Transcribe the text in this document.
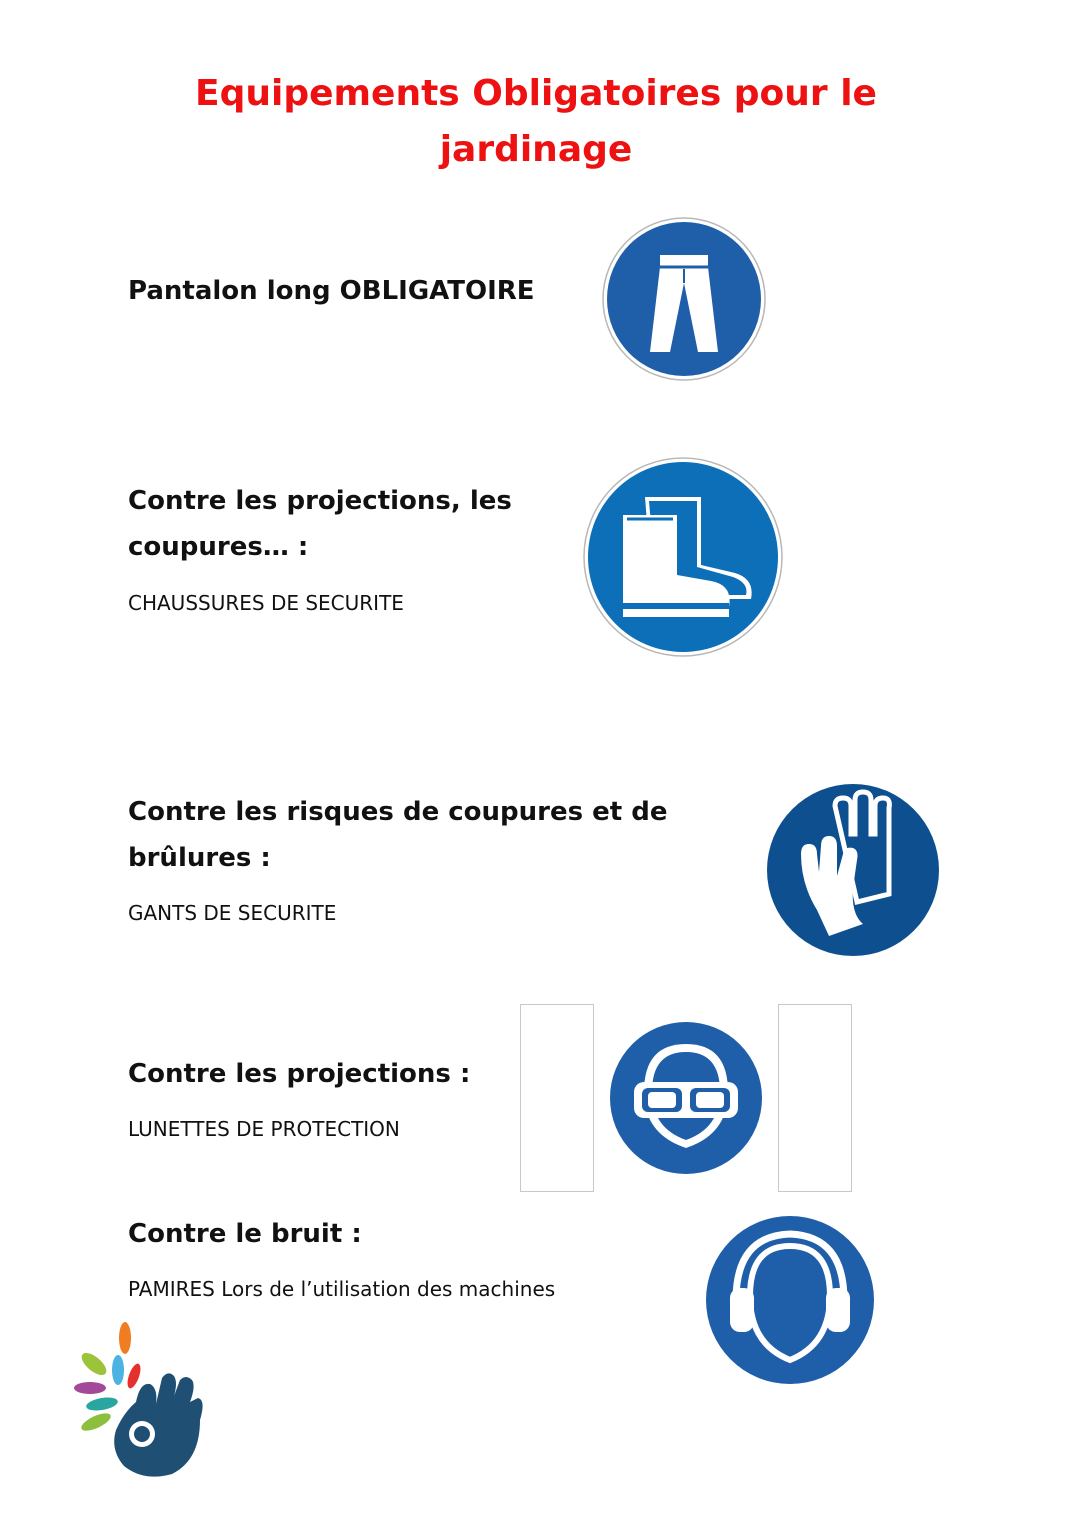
Equipements Obligatoires pour le jardinage

Pantalon long OBLIGATOIRE

Contre les projections, les

coupures… :

CHAUSSURES DE SECURITE

Contre les risques de coupures et de

brûlures :

GANTS DE SECURITE

Contre les projections :

LUNETTES DE PROTECTION

Contre le bruit :

PAMIRES Lors de l’utilisation des machines
